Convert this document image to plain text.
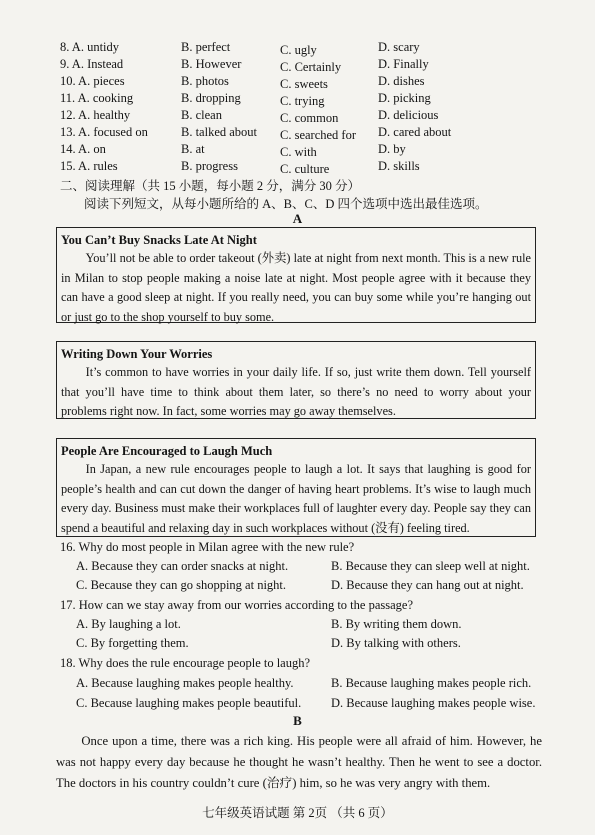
8. A. untidy	B. perfect	C. ugly	D. scary
9. A. Instead	B. However	C. Certainly	D. Finally
10. A. pieces	B. photos	C. sweets	D. dishes
11. A. cooking	B. dropping	C. trying	D. picking
12. A. healthy	B. clean	C. common	D. delicious
13. A. focused on	B. talked about C. searched for D. cared about
14. A. on	B. at	C. with	D. by
15. A. rules	B. progress	C. culture	D. skills
二、阅读理解（共 15 小题，每小题 2 分，满分 30 分）
阅读下列短文，从每小题所给的 A、B、C、D 四个选项中选出最佳选项。
A
You Can’t Buy Snacks Late At Night
You’ll not be able to order takeout (外卖) late at night from next month. This is a new rule in Milan to stop people making a noise late at night. Most people agree with it because they can have a good sleep at night. If you really need, you can buy some while you’re hanging out or just go to the shop yourself to buy some.
Writing Down Your Worries
It’s common to have worries in your daily life. If so, just write them down. Tell yourself that you’ll have time to think about them later, so there’s no need to worry about your problems right now. In fact, some worries may go away themselves.
People Are Encouraged to Laugh Much
In Japan, a new rule encourages people to laugh a lot. It says that laughing is good for people’s health and can cut down the danger of having heart problems. It’s wise to laugh much every day. Business must make their workplaces full of laughter every day. People say they can spend a beautiful and relaxing day in such workplaces without (没有) feeling tired.
16. Why do most people in Milan agree with the new rule?
A. Because they can order snacks at night.	B. Because they can sleep well at night.
C. Because they can go shopping at night.	D. Because they can hang out at night.
17. How can we stay away from our worries according to the passage?
A. By laughing a lot.	B. By writing them down.
C. By forgetting them.	D. By talking with others.
18. Why does the rule encourage people to laugh?
A. Because laughing makes people healthy.	B. Because laughing makes people rich.
C. Because laughing makes people beautiful. D. Because laughing makes people wise.
B
Once upon a time, there was a rich king. His people were all afraid of him. However, he was not happy every day because he thought he wasn’t healthy. Then he went to see a doctor. The doctors in his country couldn’t cure (治疗) him, so he was very angry with them.
七年级英语试题 第 2页 （共 6 页）
